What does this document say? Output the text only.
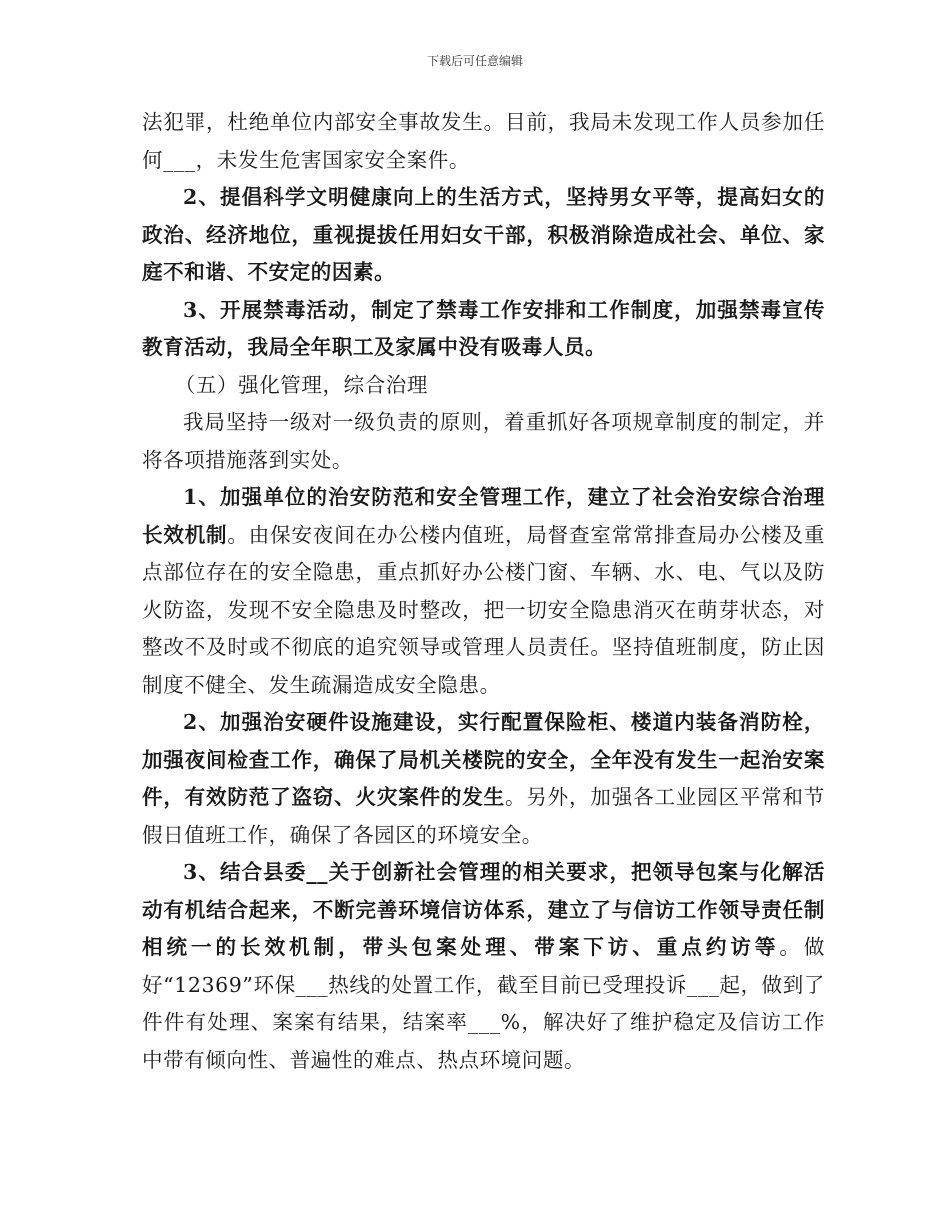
下载后可任意编辑

法犯罪，杜绝单位内部安全事故发生。目前，我局未发现工作人员参加任何___，未发生危害国家安全案件。

2、提倡科学文明健康向上的生活方式，坚持男女平等，提高妇女的政治、经济地位，重视提拔任用妇女干部，积极消除造成社会、单位、家庭不和谐、不安定的因素。

3、开展禁毒活动，制定了禁毒工作安排和工作制度，加强禁毒宣传教育活动，我局全年职工及家属中没有吸毒人员。

（五）强化管理，综合治理

我局坚持一级对一级负责的原则，着重抓好各项规章制度的制定，并将各项措施落到实处。

1、加强单位的治安防范和安全管理工作，建立了社会治安综合治理长效机制。由保安夜间在办公楼内值班，局督查室常常排查局办公楼及重点部位存在的安全隐患，重点抓好办公楼门窗、车辆、水、电、气以及防火防盗，发现不安全隐患及时整改，把一切安全隐患消灭在萌芽状态，对整改不及时或不彻底的追究领导或管理人员责任。坚持值班制度，防止因制度不健全、发生疏漏造成安全隐患。

2、加强治安硬件设施建设，实行配置保险柜、楼道内装备消防栓，加强夜间检查工作，确保了局机关楼院的安全，全年没有发生一起治安案件，有效防范了盗窃、火灾案件的发生。另外，加强各工业园区平常和节假日值班工作，确保了各园区的环境安全。

3、结合县委__关于创新社会管理的相关要求，把领导包案与化解活动有机结合起来，不断完善环境信访体系，建立了与信访工作领导责任制相统一的长效机制，带头包案处理、带案下访、重点约访等。做好“12369”环保___热线的处置工作，截至目前已受理投诉___起，做到了件件有处理、案案有结果，结案率___%，解决好了维护稳定及信访工作中带有倾向性、普遍性的难点、热点环境问题。
